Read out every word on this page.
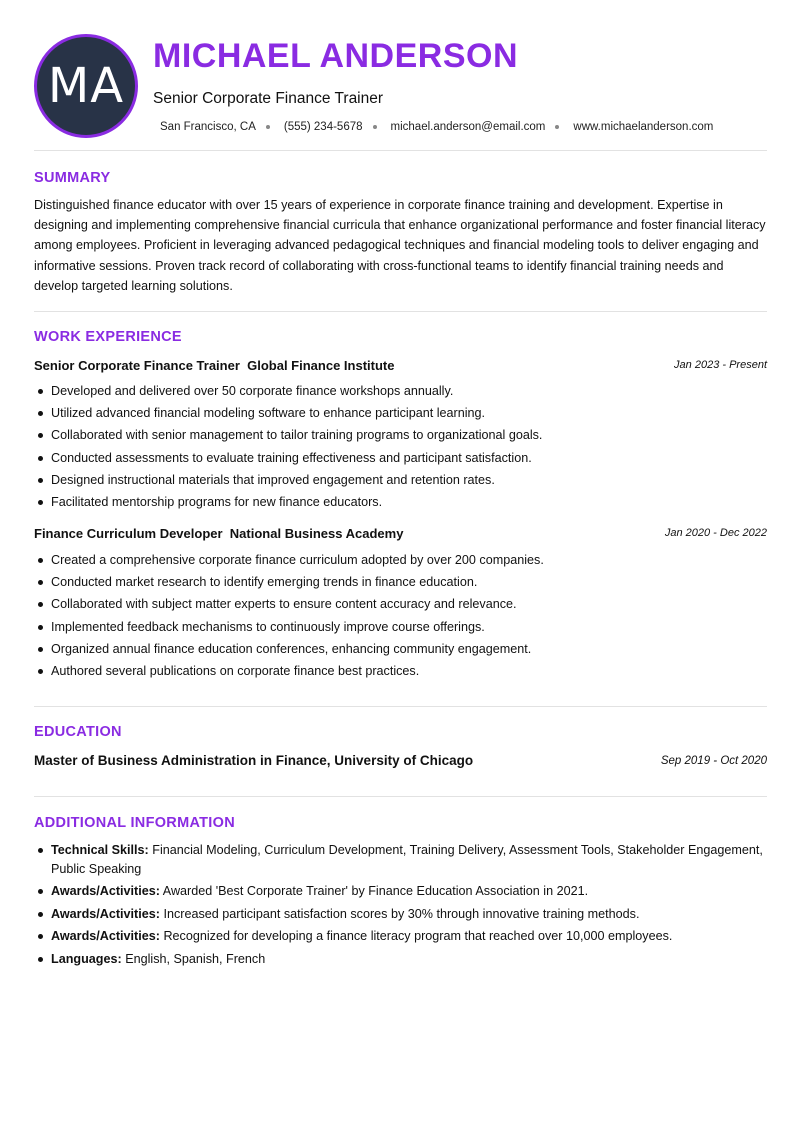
MA
MICHAEL ANDERSON
Senior Corporate Finance Trainer
San Francisco, CA (555) 234-5678 michael.anderson@email.com www.michaelanderson.com
SUMMARY
Distinguished finance educator with over 15 years of experience in corporate finance training and development. Expertise in designing and implementing comprehensive financial curricula that enhance organizational performance and foster financial literacy among employees. Proficient in leveraging advanced pedagogical techniques and financial modeling tools to deliver engaging and informative sessions. Proven track record of collaborating with cross-functional teams to identify financial training needs and develop targeted learning solutions.
WORK EXPERIENCE
Senior Corporate Finance Trainer Global Finance Institute	Jan 2023 - Present
Developed and delivered over 50 corporate finance workshops annually.
Utilized advanced financial modeling software to enhance participant learning.
Collaborated with senior management to tailor training programs to organizational goals.
Conducted assessments to evaluate training effectiveness and participant satisfaction.
Designed instructional materials that improved engagement and retention rates.
Facilitated mentorship programs for new finance educators.
Finance Curriculum Developer National Business Academy	Jan 2020 - Dec 2022
Created a comprehensive corporate finance curriculum adopted by over 200 companies.
Conducted market research to identify emerging trends in finance education.
Collaborated with subject matter experts to ensure content accuracy and relevance.
Implemented feedback mechanisms to continuously improve course offerings.
Organized annual finance education conferences, enhancing community engagement.
Authored several publications on corporate finance best practices.
EDUCATION
Master of Business Administration in Finance, University of Chicago	Sep 2019 - Oct 2020
ADDITIONAL INFORMATION
Technical Skills: Financial Modeling, Curriculum Development, Training Delivery, Assessment Tools, Stakeholder Engagement, Public Speaking
Awards/Activities: Awarded 'Best Corporate Trainer' by Finance Education Association in 2021.
Awards/Activities: Increased participant satisfaction scores by 30% through innovative training methods.
Awards/Activities: Recognized for developing a finance literacy program that reached over 10,000 employees.
Languages: English, Spanish, French
